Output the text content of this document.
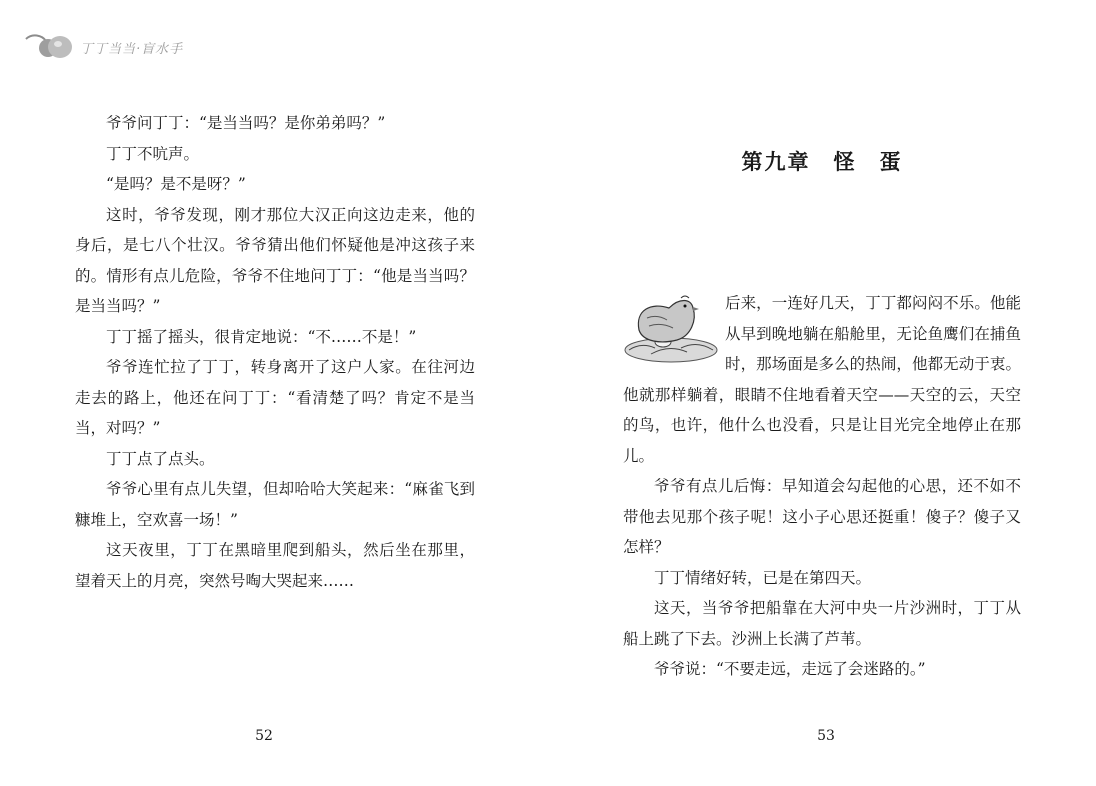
丁丁当当·盲水手

爷爷问丁丁：“是当当吗？是你弟弟吗？”

丁丁不吭声。

“是吗？是不是呀？”

这时，爷爷发现，刚才那位大汉正向这边走来，他的身后，是七八个壮汉。爷爷猜出他们怀疑他是冲这孩子来的。情形有点儿危险，爷爷不住地问丁丁：“他是当当吗？是当当吗？”

丁丁摇了摇头，很肯定地说：“不……不是！”

爷爷连忙拉了丁丁，转身离开了这户人家。在往河边走去的路上，他还在问丁丁：“看清楚了吗？肯定不是当当，对吗？”

丁丁点了点头。

爷爷心里有点儿失望，但却哈哈大笑起来：“麻雀飞到糠堆上，空欢喜一场！”

这天夜里，丁丁在黑暗里爬到船头，然后坐在那里，望着天上的月亮，突然号啕大哭起来……

52
第九章　怪　蛋

后来，一连好几天，丁丁都闷闷不乐。他能从早到晚地躺在船舱里，无论鱼鹰们在捕鱼时，那场面是多么的热闹，他都无动于衷。他就那样躺着，眼睛不住地看着天空——天空的云，天空的鸟，也许，他什么也没看，只是让目光完全地停止在那儿。

爷爷有点儿后悔：早知道会勾起他的心思，还不如不带他去见那个孩子呢！这小子心思还挺重！傻子？傻子又怎样？

丁丁情绪好转，已是在第四天。

这天，当爷爷把船靠在大河中央一片沙洲时，丁丁从船上跳了下去。沙洲上长满了芦苇。

爷爷说：“不要走远，走远了会迷路的。”

53
